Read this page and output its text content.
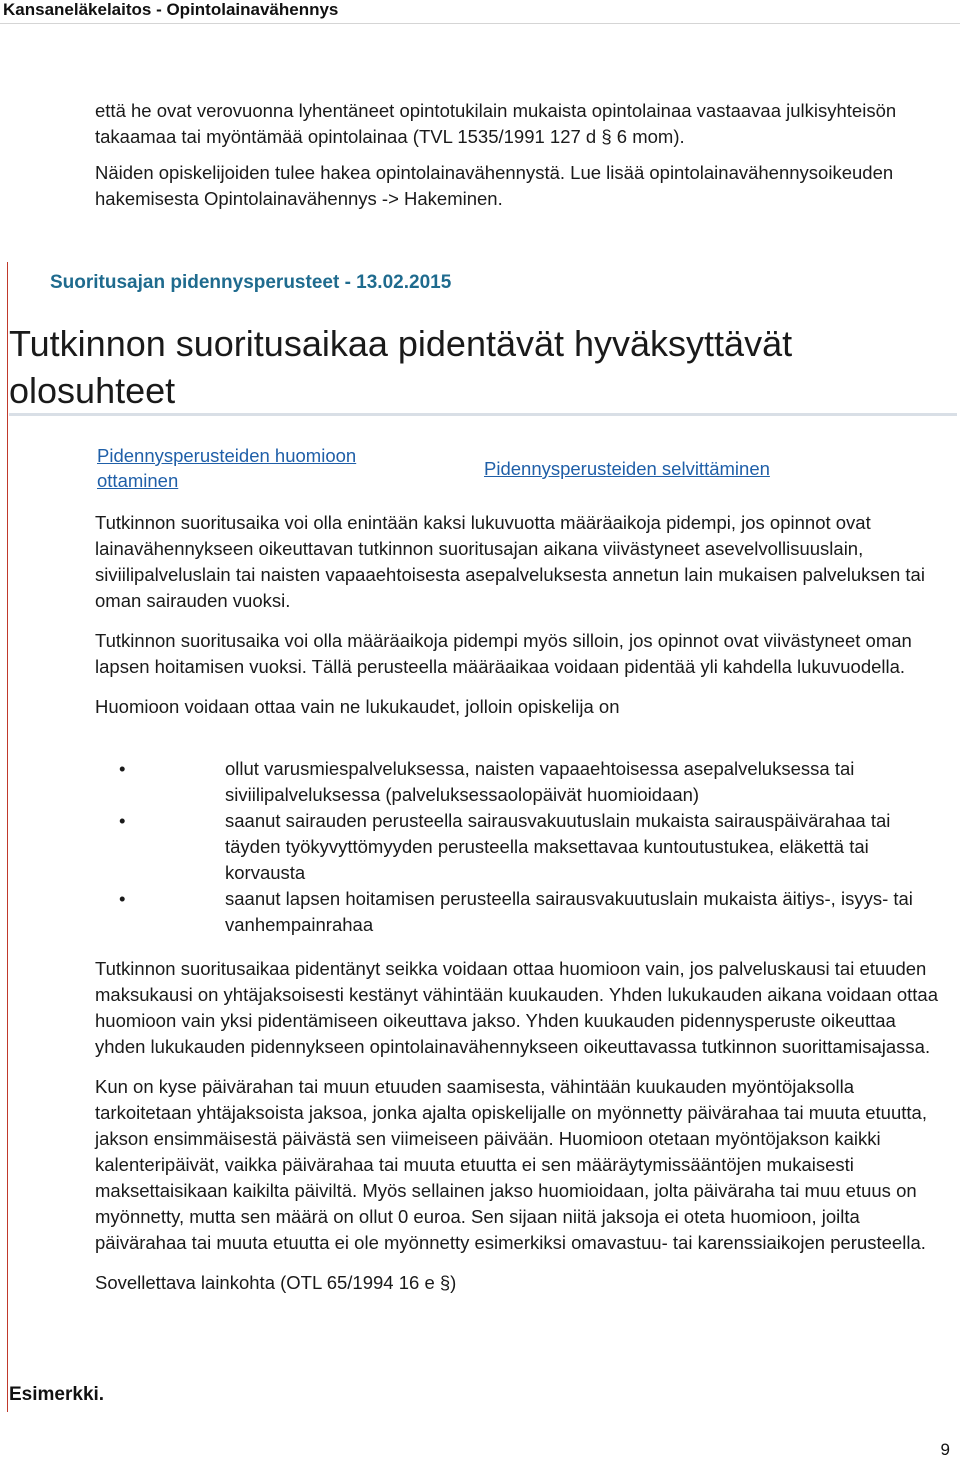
Kansaneläkelaitos - Opintolainavähennys

että he ovat verovuonna lyhentäneet opintotukilain mukaista opintolainaa vastaavaa julkisyhteisön takaamaa tai myöntämää opintolainaa (TVL 1535/1991 127 d § 6 mom).

Näiden opiskelijoiden tulee hakea opintolainavähennystä. Lue lisää opintolainavähennysoikeuden hakemisesta Opintolainavähennys -> Hakeminen.

Suoritusajan pidennysperusteet - 13.02.2015
Tutkinnon suoritusaikaa pidentävät hyväksyttävät olosuhteet
Pidennysperusteiden huomioon ottaminen
Pidennysperusteiden selvittäminen

Tutkinnon suoritusaika voi olla enintään kaksi lukuvuotta määräaikoja pidempi, jos opinnot ovat lainavähennykseen oikeuttavan tutkinnon suoritusajan aikana viivästyneet asevelvollisuuslain, siviilipalveluslain tai naisten vapaaehtoisesta asepalveluksesta annetun lain mukaisen palveluksen tai oman sairauden vuoksi.

Tutkinnon suoritusaika voi olla määräaikoja pidempi myös silloin, jos opinnot ovat viivästyneet oman lapsen hoitamisen vuoksi. Tällä perusteella määräaikaa voidaan pidentää yli kahdella lukuvuodella.

Huomioon voidaan ottaa vain ne lukukaudet, jolloin opiskelija on

•	ollut varusmiespalveluksessa, naisten vapaaehtoisessa asepalveluksessa tai siviilipalveluksessa (palveluksessaolopäivät huomioidaan)
•	saanut sairauden perusteella sairausvakuutuslain mukaista sairauspäivärahaa tai täyden työkyvyttömyyden perusteella maksettavaa kuntoutustukea, eläkettä tai korvausta
•	saanut lapsen hoitamisen perusteella sairausvakuutuslain mukaista äitiys-, isyys- tai vanhempainrahaa

Tutkinnon suoritusaikaa pidentänyt seikka voidaan ottaa huomioon vain, jos palveluskausi tai etuuden maksukausi on yhtäjaksoisesti kestänyt vähintään kuukauden. Yhden lukukauden aikana voidaan ottaa huomioon vain yksi pidentämiseen oikeuttava jakso. Yhden kuukauden pidennysperuste oikeuttaa yhden lukukauden pidennykseen opintolainavähennykseen oikeuttavassa tutkinnon suorittamisajassa.

Kun on kyse päivärahan tai muun etuuden saamisesta, vähintään kuukauden myöntöjaksolla tarkoitetaan yhtäjaksoista jaksoa, jonka ajalta opiskelijalle on myönnetty päivärahaa tai muuta etuutta, jakson ensimmäisestä päivästä sen viimeiseen päivään. Huomioon otetaan myöntöjakson kaikki kalenteripäivät, vaikka päivärahaa tai muuta etuutta ei sen määräytymissääntöjen mukaisesti maksettaisikaan kaikilta päiviltä. Myös sellainen jakso huomioidaan, jolta päiväraha tai muu etuus on myönnetty, mutta sen määrä on ollut 0 euroa. Sen sijaan niitä jaksoja ei oteta huomioon, joilta päivärahaa tai muuta etuutta ei ole myönnetty esimerkiksi omavastuu- tai karenssiaikojen perusteella.

Sovellettava lainkohta (OTL 65/1994 16 e §)

Esimerkki.
9
